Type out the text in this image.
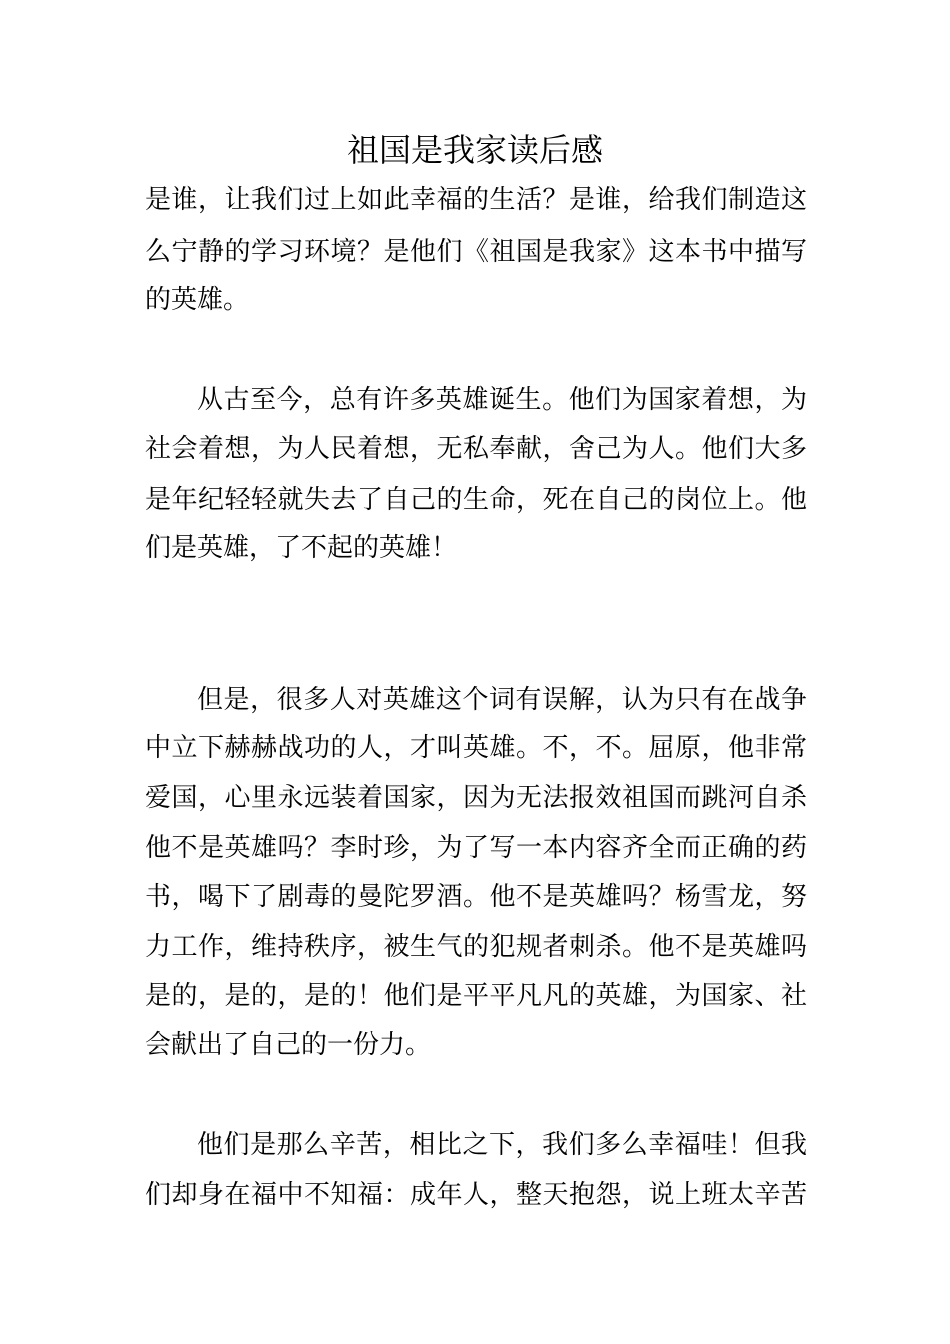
祖国是我家读后感
是谁，让我们过上如此幸福的生活？是谁，给我们制造这
么宁静的学习环境？是他们《祖国是我家》这本书中描写
的英雄。
从古至今，总有许多英雄诞生。他们为国家着想，为
社会着想，为人民着想，无私奉献，舍己为人。他们大多
是年纪轻轻就失去了自己的生命，死在自己的岗位上。他
们是英雄，了不起的英雄！
但是，很多人对英雄这个词有误解，认为只有在战争
中立下赫赫战功的人，才叫英雄。不，不。屈原，他非常
爱国，心里永远装着国家，因为无法报效祖国而跳河自杀
他不是英雄吗？李时珍，为了写一本内容齐全而正确的药
书，喝下了剧毒的曼陀罗酒。他不是英雄吗？杨雪龙，努
力工作，维持秩序，被生气的犯规者刺杀。他不是英雄吗
是的，是的，是的！他们是平平凡凡的英雄，为国家、社
会献出了自己的一份力。
他们是那么辛苦，相比之下，我们多么幸福哇！但我
们却身在福中不知福：成年人，整天抱怨，说上班太辛苦
